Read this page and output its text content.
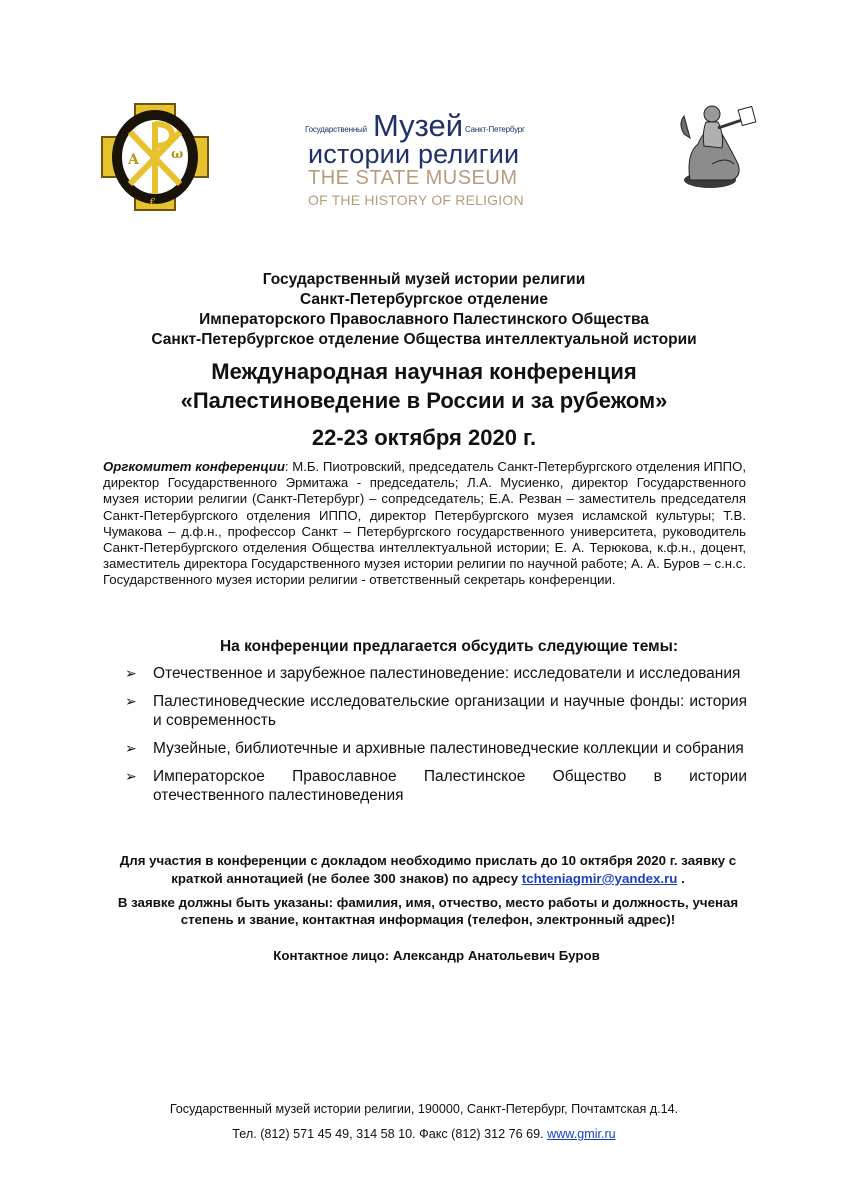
A ω
€
Государственный Музей Санкт-Петербург
истории религии
THE STATE MUSEUM
OF THE HISTORY OF RELIGION
Государственный музей истории религии
Санкт-Петербургское отделение
Императорского Православного Палестинского Общества
Санкт-Петербургское отделение Общества интеллектуальной истории
Международная научная конференция
«Палестиноведение в России и за рубежом»
22-23 октября 2020 г.
Оргкомитет конференции: М.Б. Пиотровский, председатель Санкт-Петербургского отделения ИППО, директор Государственного Эрмитажа - председатель; Л.А. Мусиенко, директор Государственного музея истории религии (Санкт-Петербург) – сопредседатель; Е.А. Резван – заместитель председателя Санкт-Петербургского отделения ИППО, директор Петербургского музея исламской культуры; Т.В. Чумакова – д.ф.н., профессор Санкт – Петербургского государственного университета, руководитель Санкт-Петербургского отделения Общества интеллектуальной истории; Е. А. Терюкова, к.ф.н., доцент, заместитель директора Государственного музея истории религии по научной работе; А. А. Буров – с.н.с. Государственного музея истории религии - ответственный секретарь конференции.
На конференции предлагается обсудить следующие темы:
➢ Отечественное и зарубежное палестиноведение: исследователи и исследования
➢ Палестиноведческие исследовательские организации и научные фонды: история и современность
➢ Музейные, библиотечные и архивные палестиноведческие коллекции и собрания
➢ Императорское Православное Палестинское Общество в истории отечественного палестиноведения
Для участия в конференции с докладом необходимо прислать до 10 октября 2020 г. заявку с краткой аннотацией (не более 300 знаков) по адресу tchteniagmir@yandex.ru .
В заявке должны быть указаны: фамилия, имя, отчество, место работы и должность, ученая степень и звание, контактная информация (телефон, электронный адрес)!
Контактное лицо: Александр Анатольевич Буров
Государственный музей истории религии, 190000, Санкт-Петербург, Почтамтская д.14.
Тел. (812) 571 45 49, 314 58 10. Факс (812) 312 76 69. www.gmir.ru
